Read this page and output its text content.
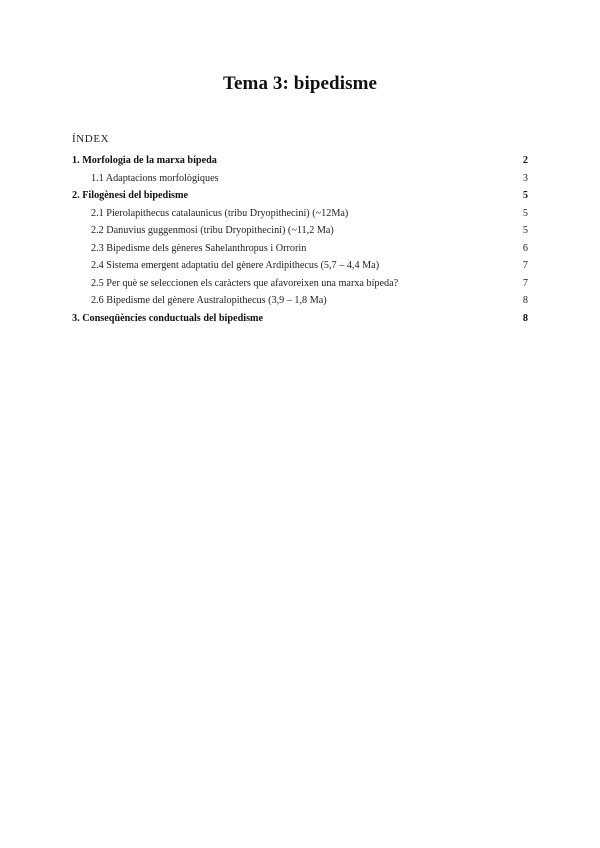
Tema 3: bipedisme
ÍNDEX
1. Morfologia de la marxa bípeda	2
1.1 Adaptacions morfològiques	3
2. Filogènesi del bipedisme	5
2.1 Pierolapithecus catalaunicus (tribu Dryopithecini) (~12Ma)	5
2.2 Danuvius guggenmosi (tribu Dryopithecini) (~11,2 Ma)	5
2.3 Bipedisme dels gèneres Sahelanthropus i Orrorin	6
2.4 Sistema emergent adaptatiu del gènere Ardipithecus (5,7 – 4,4 Ma)	7
2.5 Per què se seleccionen els caràcters que afavoreixen una marxa bípeda?	7
2.6 Bipedisme del gènere Australopithecus (3,9 – 1,8 Ma)	8
3. Conseqüències conductuals del bipedisme	8
